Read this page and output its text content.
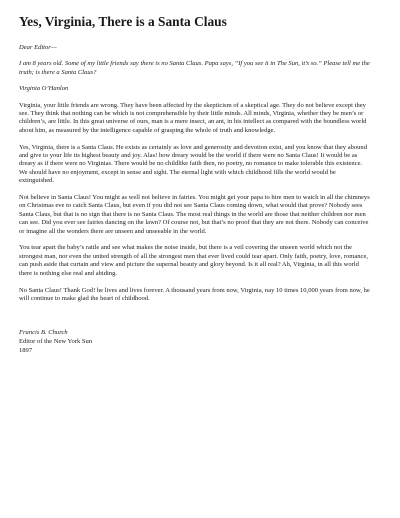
Yes, Virginia, There is a Santa Claus

Dear Editor—

I am 8 years old. Some of my little friends say there is no Santa Claus. Papa says, “If you see it in The Sun, it’s so.” Please tell me the truth; is there a Santa Claus?

Virginia O’Hanlon

Virginia, your little friends are wrong. They have been affected by the skepticism of a skeptical age. They do not believe except they see. They think that nothing can be which is not comprehensible by their little minds. All minds, Virginia, whether they be men’s or children’s, are little. In this great universe of ours, man is a mere insect, an ant, in his intellect as compared with the boundless world about him, as measured by the intelligence capable of grasping the whole of truth and knowledge.

Yes, Virginia, there is a Santa Claus. He exists as certainly as love and generosity and devotion exist, and you know that they abound and give to your life its highest beauty and joy. Alas! how dreary would be the world if there were no Santa Claus! It would be as dreary as if there were no Virginias. There would be no childlike faith then, no poetry, no romance to make tolerable this existence. We should have no enjoyment, except in sense and sight. The eternal light with which childhood fills the world would be extinguished.

Not believe in Santa Claus! You might as well not believe in fairies. You might get your papa to hire men to watch in all the chimneys on Christmas eve to catch Santa Claus, but even if you did not see Santa Claus coming down, what would that prove? Nobody sees Santa Claus, but that is no sign that there is no Santa Claus. The most real things in the world are those that neither children nor men can see. Did you ever see fairies dancing on the lawn? Of course not, but that’s no proof that they are not there. Nobody can conceive or imagine all the wonders there are unseen and unseeable in the world.

You tear apart the baby’s rattle and see what makes the noise inside, but there is a veil covering the unseen world which not the strongest man, nor even the united strength of all the strongest men that ever lived could tear apart. Only faith, poetry, love, romance, can push aside that curtain and view and picture the supernal beauty and glory beyond. Is it all real? Ah, Virginia, in all this world there is nothing else real and abiding.

No Santa Claus! Thank God! he lives and lives forever. A thousand years from now, Virginia, nay 10 times 10,000 years from now, he will continue to make glad the heart of childhood.

Francis B. Church

Editor of the New York Sun

1897
